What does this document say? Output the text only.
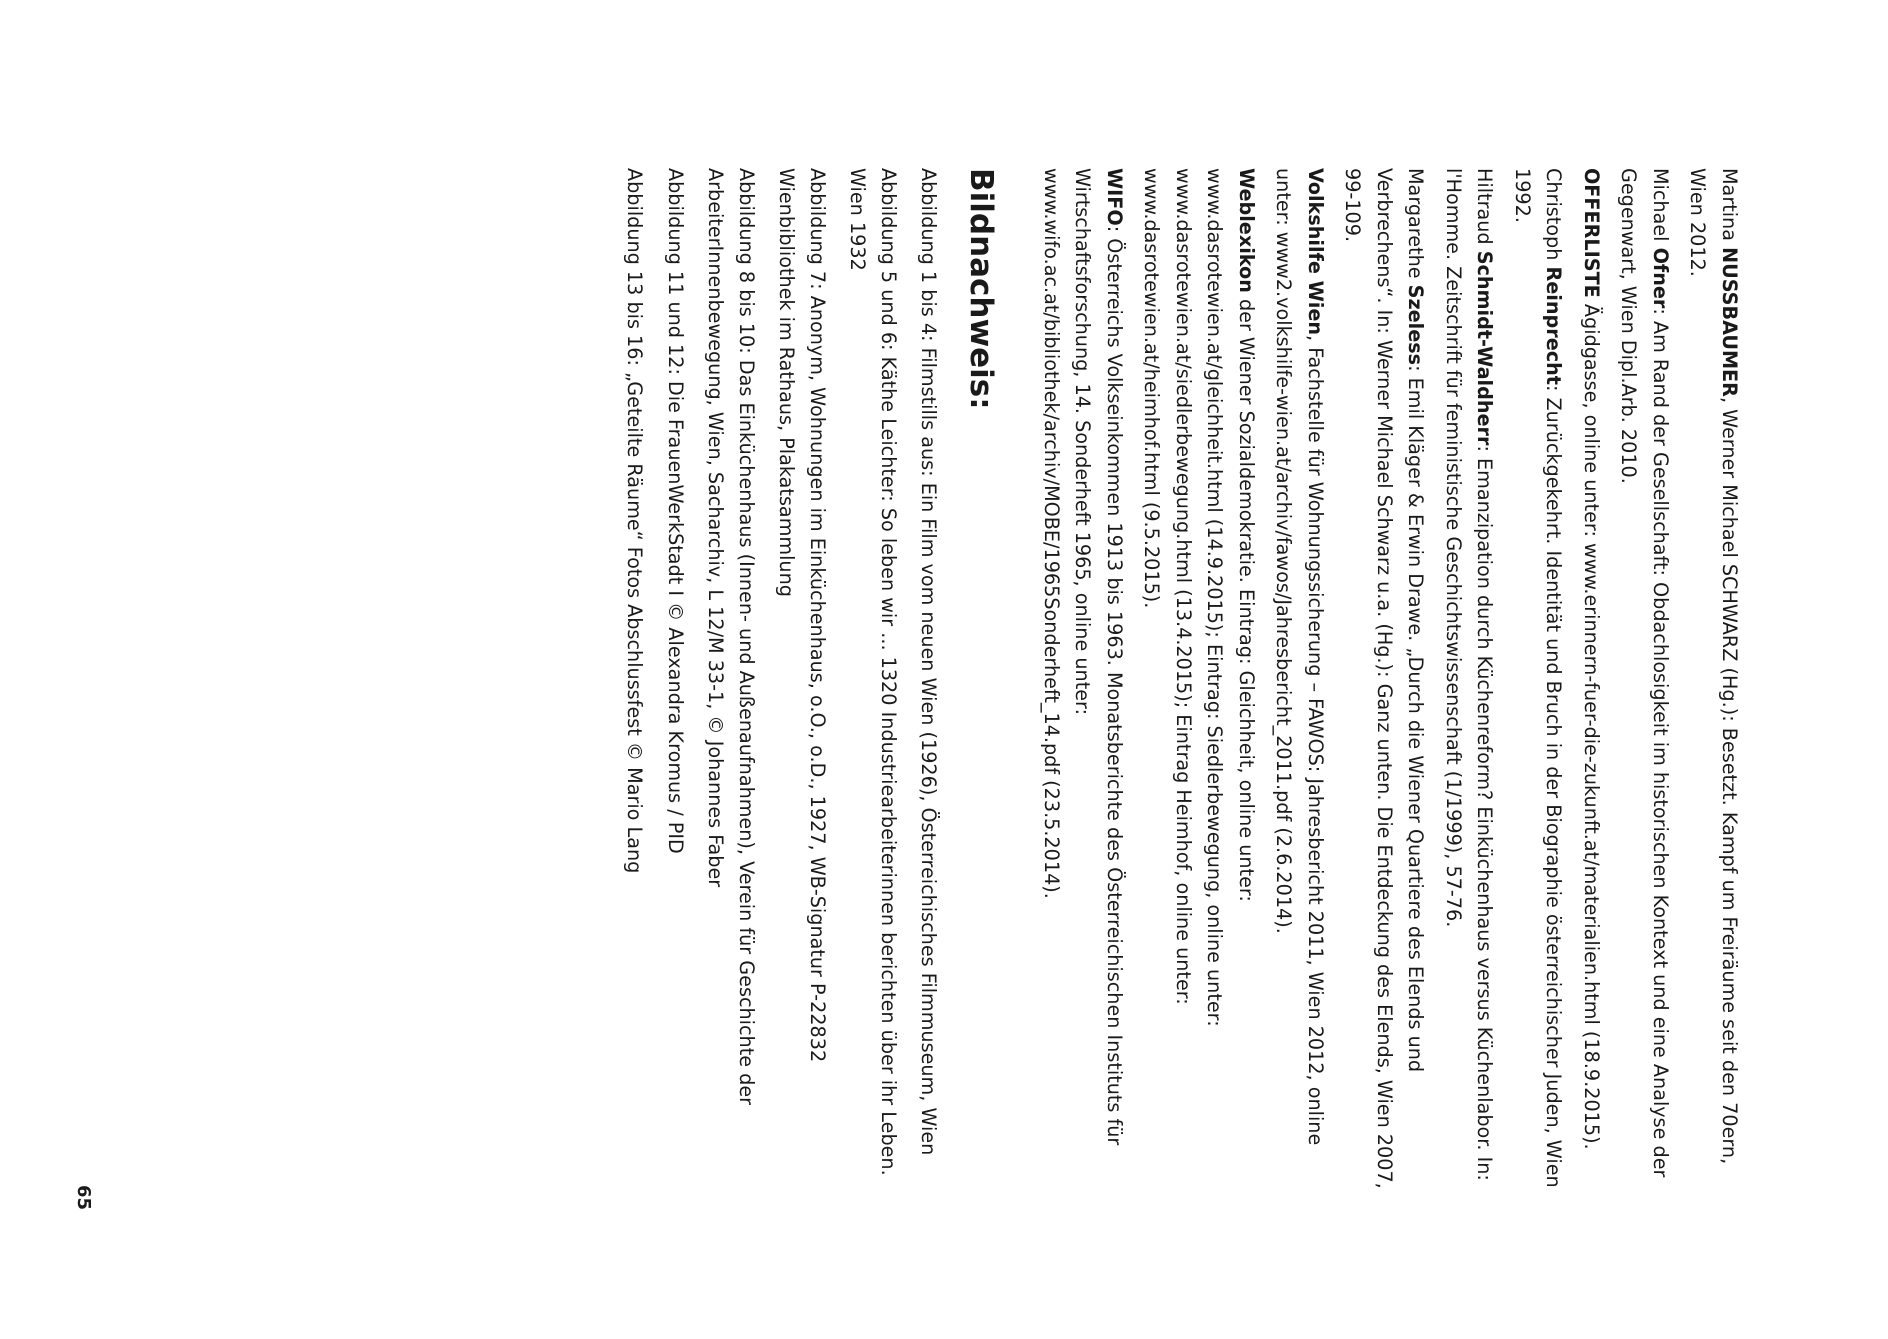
Martina NUSSBAUMER, Werner Michael SCHWARZ (Hg.): Besetzt. Kampf um Freiräume seit den 70ern, Wien 2012.

Michael Ofner: Am Rand der Gesellschaft: Obdachlosigkeit im historischen Kontext und eine Analyse der Gegenwart, Wien Dipl.Arb. 2010.

OFFERLISTE Ägidgasse, online unter: www.erinnern-fuer-die-zukunft.at/materialien.html (18.9.2015).

Christoph Reinprecht: Zurückgekehrt. Identität und Bruch in der Biographie österreichischer Juden, Wien 1992.

Hiltraud Schmidt-Waldherr: Emanzipation durch Küchenreform? Einküchenhaus versus Küchenlabor. In: l'Homme. Zeitschrift für feministische Geschichtswissenschaft (1/1999), 57-76.

Margarethe Szeless: Emil Kläger & Erwin Drawe. „Durch die Wiener Quartiere des Elends und Verbrechens“. In: Werner Michael Schwarz u.a. (Hg.): Ganz unten. Die Entdeckung des Elends, Wien 2007, 99-109.

Volkshilfe Wien, Fachstelle für Wohnungssicherung – FAWOS: Jahresbericht 2011, Wien 2012, online unter: www2.volkshilfe-wien.at/archiv/fawos/Jahresbericht_2011.pdf (2.6.2014).

Weblexikon der Wiener Sozialdemokratie. Eintrag: Gleichheit, online unter: www.dasrotewien.at/gleichheit.html (14.9.2015); Eintrag: Siedlerbewegung, online unter: www.dasrotewien.at/siedlerbewegung.html (13.4.2015); Eintrag Heimhof, online unter: www.dasrotewien.at/heimhof.html (9.5.2015).

WIFO: Österreichs Volkseinkommen 1913 bis 1963. Monatsberichte des Österreichischen Instituts für Wirtschaftsforschung, 14. Sonderheft 1965, online unter: www.wifo.ac.at/bibliothek/archiv/MOBE/1965Sonderheft_14.pdf (23.5.2014).

Bildnachweis:

Abbildung 1 bis 4: Filmstills aus: Ein Film vom neuen Wien (1926), Österreichisches Filmmuseum, Wien

Abbildung 5 und 6: Käthe Leichter: So leben wir ... 1320 Industriearbeiterinnen berichten über ihr Leben. Wien 1932

Abbildung 7: Anonym, Wohnungen im Einküchenhaus, o.O., o.D., 1927, WB-Signatur P-22832 Wienbibliothek im Rathaus, Plakatsammlung

Abbildung 8 bis 10: Das Einküchenhaus (Innen- und Außenaufnahmen), Verein für Geschichte der ArbeiterInnenbewegung, Wien, Sacharchiv, L 12/M 33-1, © Johannes Faber

Abbildung 11 und 12: Die FrauenWerkStadt I © Alexandra Kromus / PID

Abbildung 13 bis 16: „Geteilte Räume“ Fotos Abschlussfest © Mario Lang

65
